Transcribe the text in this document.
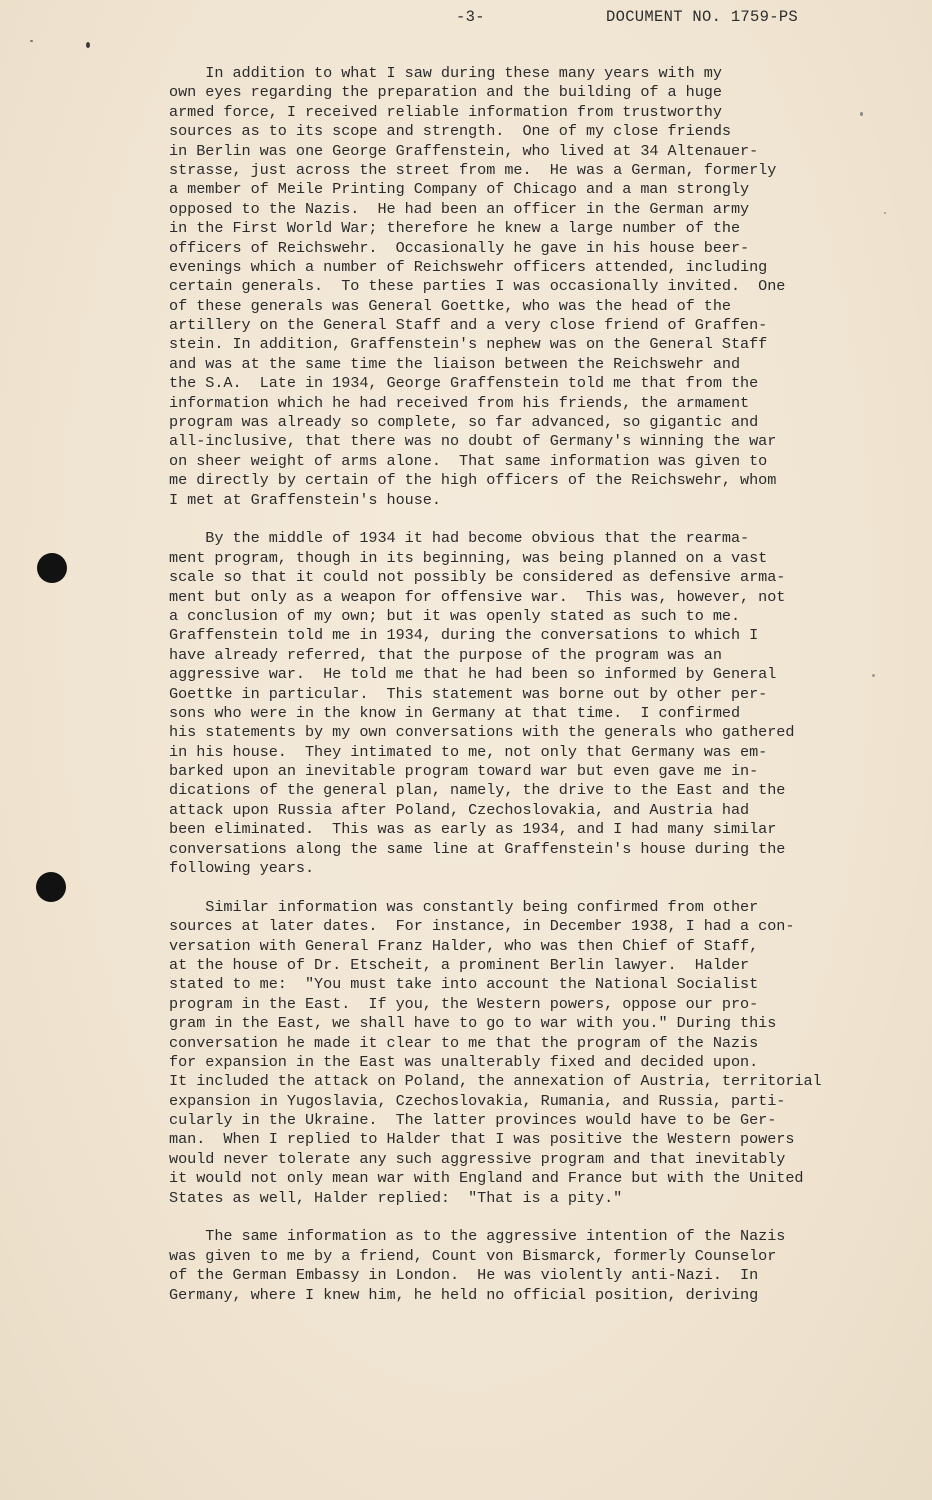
-3-	DOCUMENT NO. 1759-PS
In addition to what I saw during these many years with my
own eyes regarding the preparation and the building of a huge
armed force, I received reliable information from trustworthy
sources as to its scope and strength.  One of my close friends
in Berlin was one George Graffenstein, who lived at 34 Altenauer-
strasse, just across the street from me.  He was a German, formerly
a member of Meile Printing Company of Chicago and a man strongly
opposed to the Nazis.  He had been an officer in the German army
in the First World War; therefore he knew a large number of the
officers of Reichswehr.  Occasionally he gave in his house beer-
evenings which a number of Reichswehr officers attended, including
certain generals.  To these parties I was occasionally invited.  One
of these generals was General Goettke, who was the head of the
artillery on the General Staff and a very close friend of Graffen-
stein. In addition, Graffenstein's nephew was on the General Staff
and was at the same time the liaison between the Reichswehr and
the S.A.  Late in 1934, George Graffenstein told me that from the
information which he had received from his friends, the armament
program was already so complete, so far advanced, so gigantic and
all-inclusive, that there was no doubt of Germany's winning the war
on sheer weight of arms alone.  That same information was given to
me directly by certain of the high officers of the Reichswehr, whom
I met at Graffenstein's house.
By the middle of 1934 it had become obvious that the rearma-
ment program, though in its beginning, was being planned on a vast
scale so that it could not possibly be considered as defensive arma-
ment but only as a weapon for offensive war.  This was, however, not
a conclusion of my own; but it was openly stated as such to me.
Graffenstein told me in 1934, during the conversations to which I
have already referred, that the purpose of the program was an
aggressive war.  He told me that he had been so informed by General
Goettke in particular.  This statement was borne out by other per-
sons who were in the know in Germany at that time.  I confirmed
his statements by my own conversations with the generals who gathered
in his house.  They intimated to me, not only that Germany was em-
barked upon an inevitable program toward war but even gave me in-
dications of the general plan, namely, the drive to the East and the
attack upon Russia after Poland, Czechoslovakia, and Austria had
been eliminated.  This was as early as 1934, and I had many similar
conversations along the same line at Graffenstein's house during the
following years.
Similar information was constantly being confirmed from other
sources at later dates.  For instance, in December 1938, I had a con-
versation with General Franz Halder, who was then Chief of Staff,
at the house of Dr. Etscheit, a prominent Berlin lawyer.  Halder
stated to me:  "You must take into account the National Socialist
program in the East.  If you, the Western powers, oppose our pro-
gram in the East, we shall have to go to war with you." During this
conversation he made it clear to me that the program of the Nazis
for expansion in the East was unalterably fixed and decided upon.
It included the attack on Poland, the annexation of Austria, territorial
expansion in Yugoslavia, Czechoslovakia, Rumania, and Russia, parti-
cularly in the Ukraine.  The latter provinces would have to be Ger-
man.  When I replied to Halder that I was positive the Western powers
would never tolerate any such aggressive program and that inevitably
it would not only mean war with England and France but with the United
States as well, Halder replied:  "That is a pity."
The same information as to the aggressive intention of the Nazis
was given to me by a friend, Count von Bismarck, formerly Counselor
of the German Embassy in London.  He was violently anti-Nazi.  In
Germany, where I knew him, he held no official position, deriving
